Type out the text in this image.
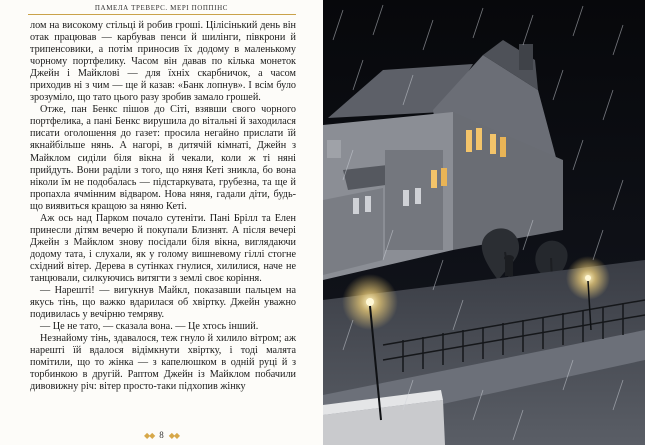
ПАМЕЛА ТРЕВЕРС. МЕРІ ПОППІНС

лом на високому стільці й робив гроші. Цілісінький день він отак працював — карбував пенси й шилінги, півкрони й трипенсовики, а потім приносив їх додому в маленькому чорному портфелику. Часом він давав по кілька монеток Джейн і Майклові — для їхніх скарбничок, а часом приходив ні з чим — ще й казав: «Банк лопнув». І всім було зрозуміло, що тато цього разу зробив замало грошей.

Отже, пан Бенкс пішов до Сіті, взявши свого чорного портфелика, а пані Бенкс вирушила до вітальні й заходилася писати оголошення до газет: просила негайно прислати їй якнайбільше нянь. А нагорі, в дитячій кімнаті, Джейн з Майклом сиділи біля вікна й чекали, коли ж ті няні прийдуть. Вони раділи з того, що няня Кеті зникла, бо вона ніколи їм не подобалась — підстаркувата, грубезна, та ще й пропахла ячмінним відваром. Нова няня, гадали діти, будь-що виявиться кращою за няню Кеті.

Аж ось над Парком почало сутеніти. Пані Брілл та Елен принесли дітям вечерю й покупали Близнят. А після вечері Джейн з Майклом знову посідали біля вікна, виглядаючи додому тата, і слухали, як у голому вишневому гіллі стогне східний вітер. Дерева в сутінках гнулися, хилилися, наче не танцювали, силкуючись витягти з землі своє коріння.

— Нарешті! — вигукнув Майкл, показавши пальцем на якусь тінь, що важко вдарилася об хвіртку. Джейн уважно подивилась у вечірню темряву.

— Це не тато, — сказала вона. — Це хтось інший.

Незнайому тінь, здавалося, теж гнуло й хилило вітром; аж нарешті їй вдалося відімкнути хвіртку, і тоді малята помітили, що то жінка — з капелюшком в одній руці й з торбинкою в другій. Раптом Джейн із Майклом побачили дивовижну річ: вітер просто-таки підхопив жінку

◆◆ 8 ◆◆
